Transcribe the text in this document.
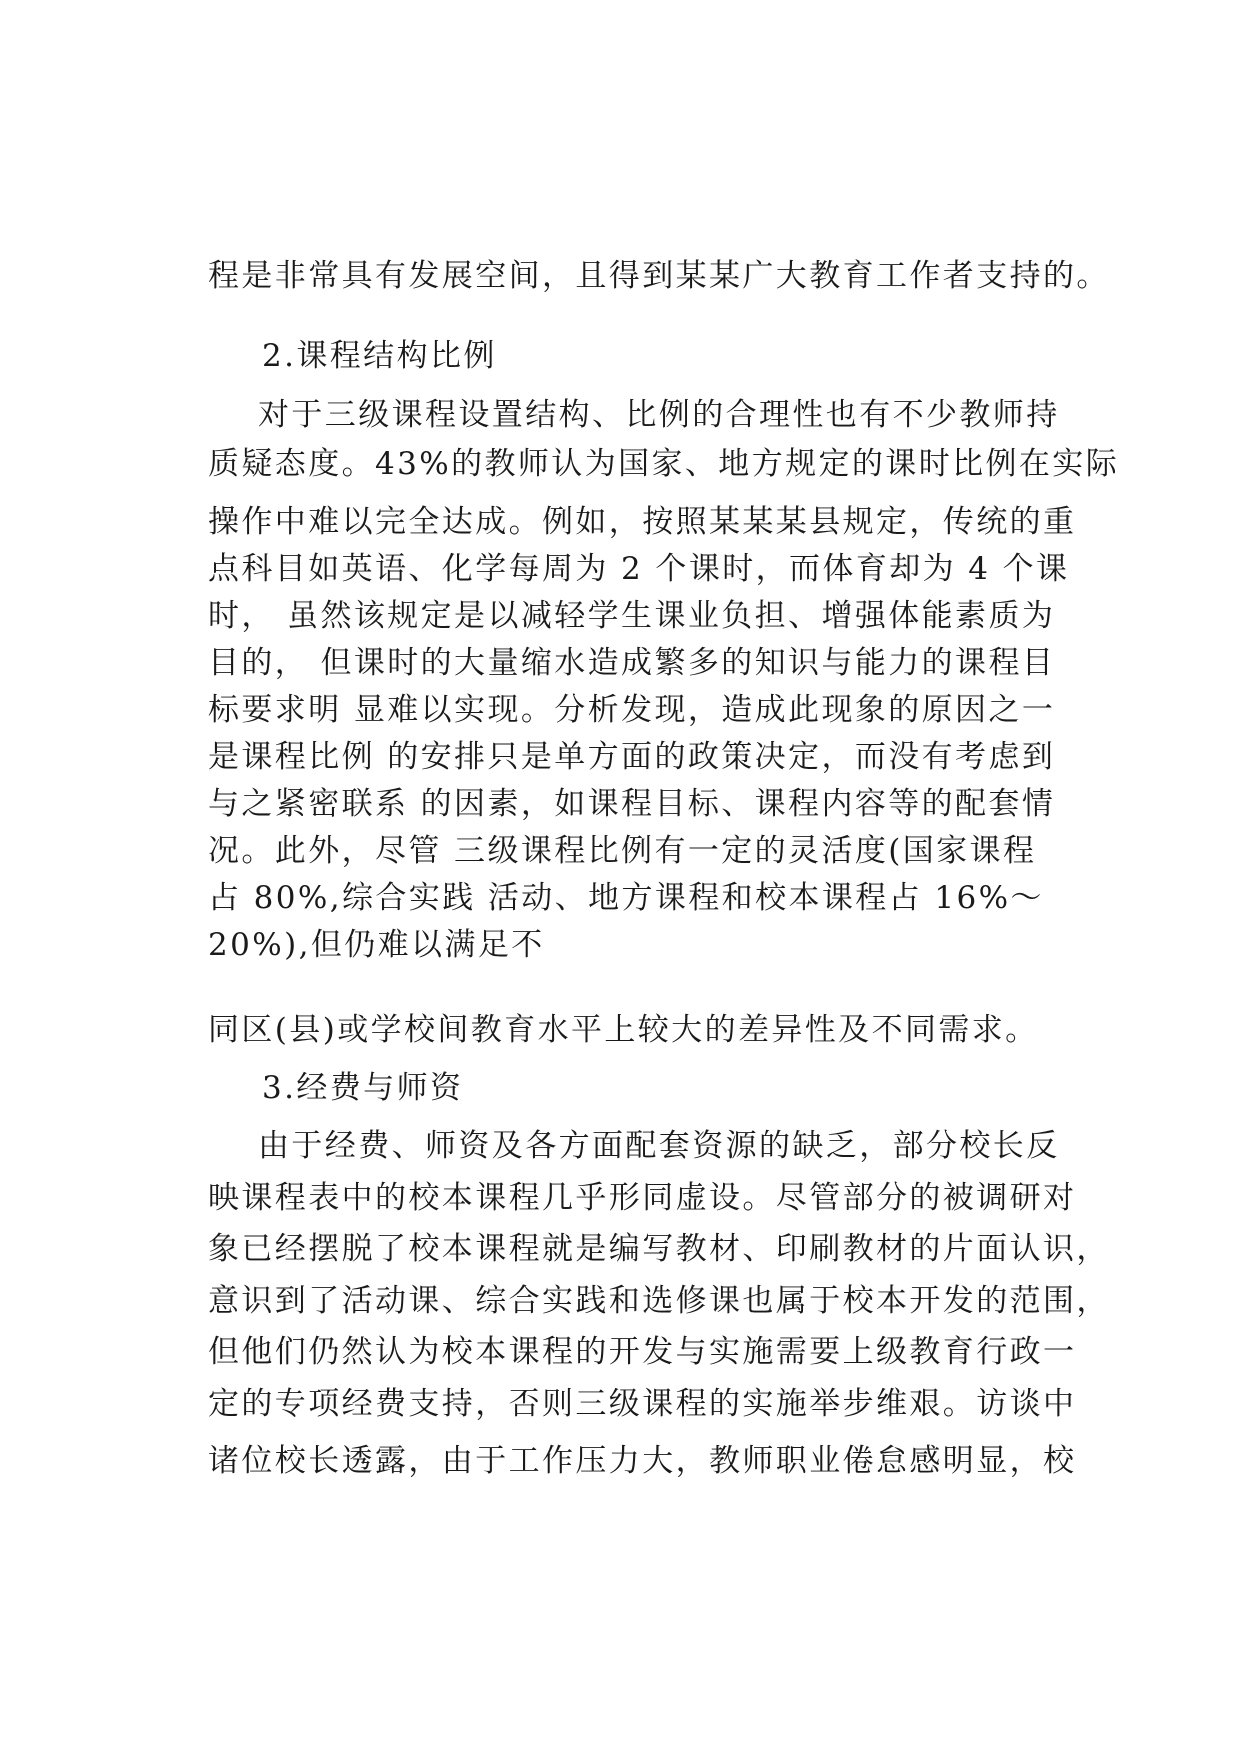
程是非常具有发展空间，且得到某某广大教育工作者支持的。
2.课程结构比例
对于三级课程设置结构、比例的合理性也有不少教师持
质疑态度。43%的教师认为国家、地方规定的课时比例在实际
操作中难以完全达成。例如，按照某某某县规定，传统的重
点科目如英语、化学每周为 2 个课时，而体育却为 4 个课
时， 虽然该规定是以减轻学生课业负担、增强体能素质为
目的， 但课时的大量缩水造成繁多的知识与能力的课程目
标要求明 显难以实现。分析发现，造成此现象的原因之一
是课程比例 的安排只是单方面的政策决定，而没有考虑到
与之紧密联系 的因素，如课程目标、课程内容等的配套情
况。此外，尽管 三级课程比例有一定的灵活度(国家课程
占 80%,综合实践 活动、地方课程和校本课程占 16%～
20%),但仍难以满足不
同区(县)或学校间教育水平上较大的差异性及不同需求。
3.经费与师资
由于经费、师资及各方面配套资源的缺乏，部分校长反
映课程表中的校本课程几乎形同虚设。尽管部分的被调研对
象已经摆脱了校本课程就是编写教材、印刷教材的片面认识，
意识到了活动课、综合实践和选修课也属于校本开发的范围，
但他们仍然认为校本课程的开发与实施需要上级教育行政一
定的专项经费支持，否则三级课程的实施举步维艰。访谈中
诸位校长透露，由于工作压力大，教师职业倦怠感明显，校
